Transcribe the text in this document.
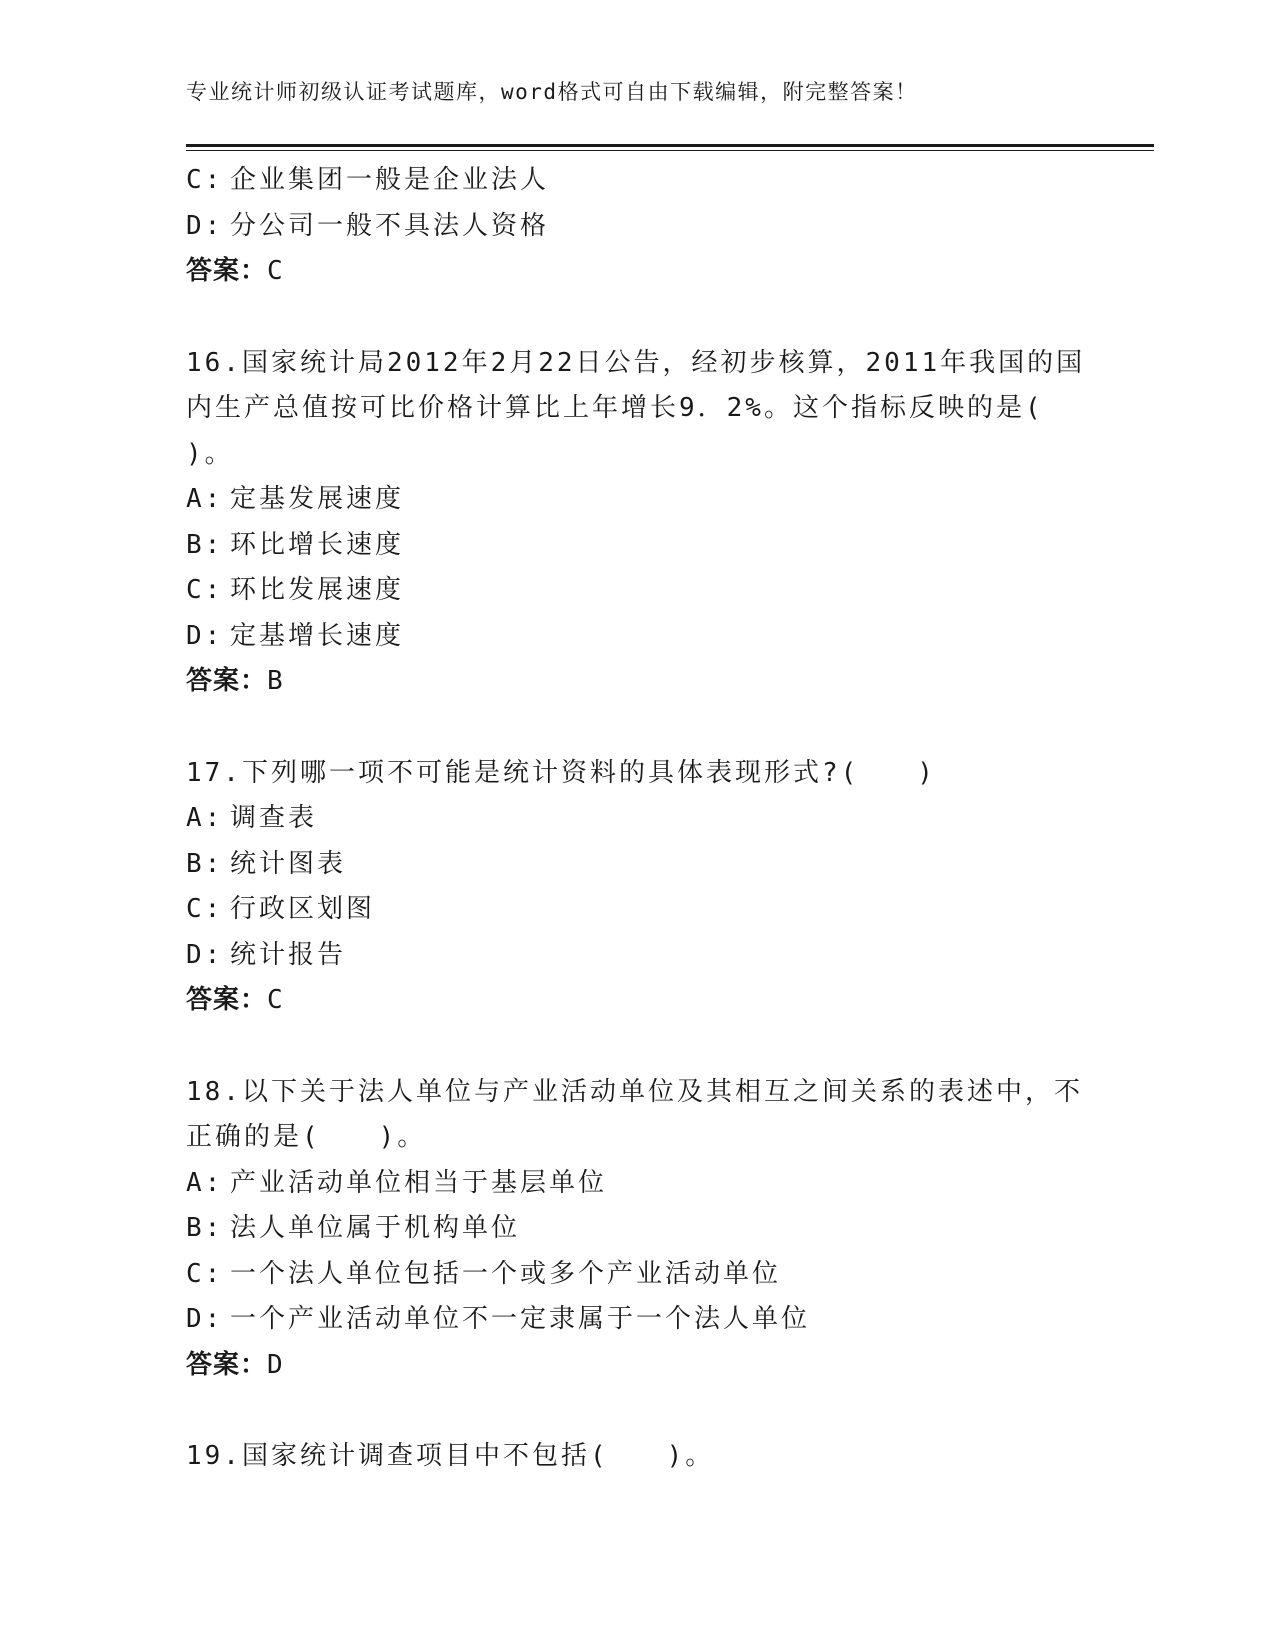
专业统计师初级认证考试题库，word格式可自由下载编辑，附完整答案！
C: 企业集团一般是企业法人
D: 分公司一般不具法人资格
答案：C
16.国家统计局2012年2月22日公告，经初步核算，2011年我国的国内生产总值按可比价格计算比上年增长9．2%。这个指标反映的是(　　)。
A: 定基发展速度
B: 环比增长速度
C: 环比发展速度
D: 定基增长速度
答案：B
17.下列哪一项不可能是统计资料的具体表现形式?(　　)
A: 调查表
B: 统计图表
C: 行政区划图
D: 统计报告
答案：C
18.以下关于法人单位与产业活动单位及其相互之间关系的表述中，不正确的是(　　)。
A: 产业活动单位相当于基层单位
B: 法人单位属于机构单位
C: 一个法人单位包括一个或多个产业活动单位
D: 一个产业活动单位不一定隶属于一个法人单位
答案：D
19.国家统计调查项目中不包括(　　)。
